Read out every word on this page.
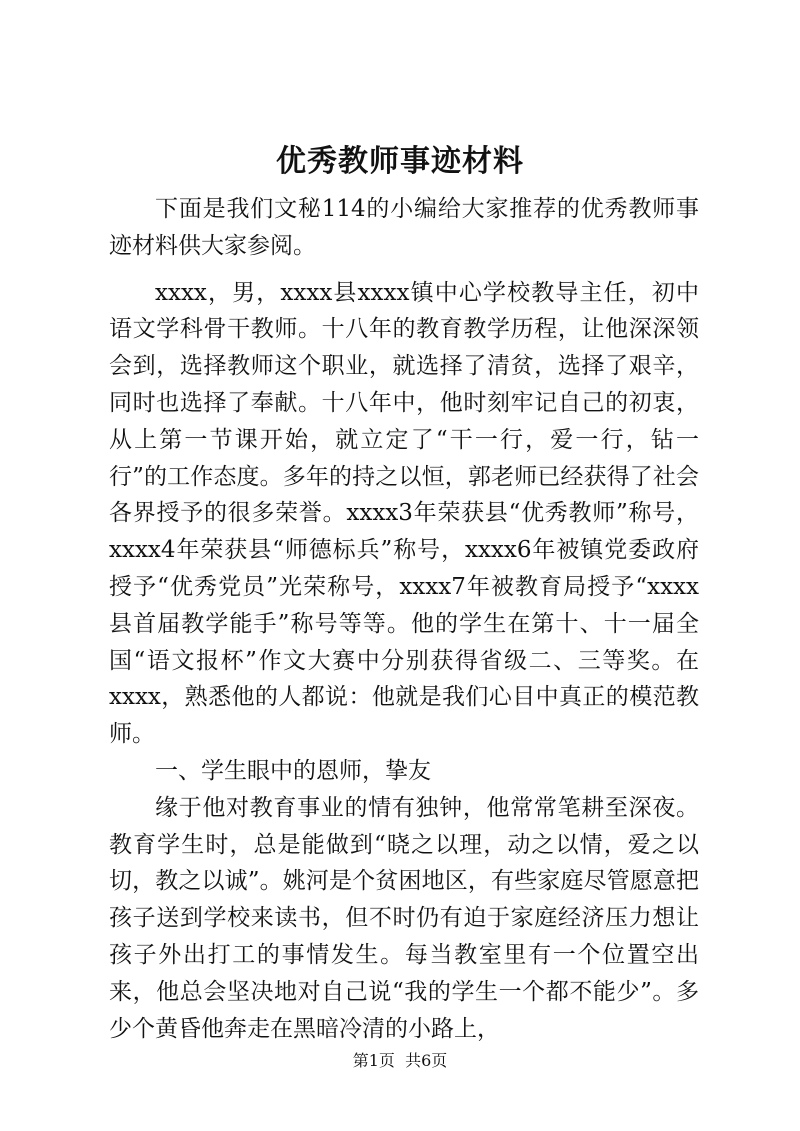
优秀教师事迹材料

下面是我们文秘114的小编给大家推荐的优秀教师事迹材料供大家参阅。

xxxx，男，xxxx县xxxx镇中心学校教导主任，初中语文学科骨干教师。十八年的教育教学历程，让他深深领会到，选择教师这个职业，就选择了清贫，选择了艰辛，同时也选择了奉献。十八年中，他时刻牢记自己的初衷，从上第一节课开始，就立定了“干一行，爱一行，钻一行”的工作态度。多年的持之以恒，郭老师已经获得了社会各界授予的很多荣誉。xxxx3年荣获县“优秀教师”称号，xxxx4年荣获县“师德标兵”称号，xxxx6年被镇党委政府授予“优秀党员”光荣称号，xxxx7年被教育局授予“xxxx县首届教学能手”称号等等。他的学生在第十、十一届全国“语文报杯”作文大赛中分别获得省级二、三等奖。在xxxx，熟悉他的人都说：他就是我们心目中真正的模范教师。

一、学生眼中的恩师，挚友

缘于他对教育事业的情有独钟，他常常笔耕至深夜。教育学生时，总是能做到“晓之以理，动之以情，爱之以切，教之以诚”。姚河是个贫困地区，有些家庭尽管愿意把孩子送到学校来读书，但不时仍有迫于家庭经济压力想让孩子外出打工的事情发生。每当教室里有一个位置空出来，他总会坚决地对自己说“我的学生一个都不能少”。多少个黄昏他奔走在黑暗冷清的小路上，

第1页  共6页
